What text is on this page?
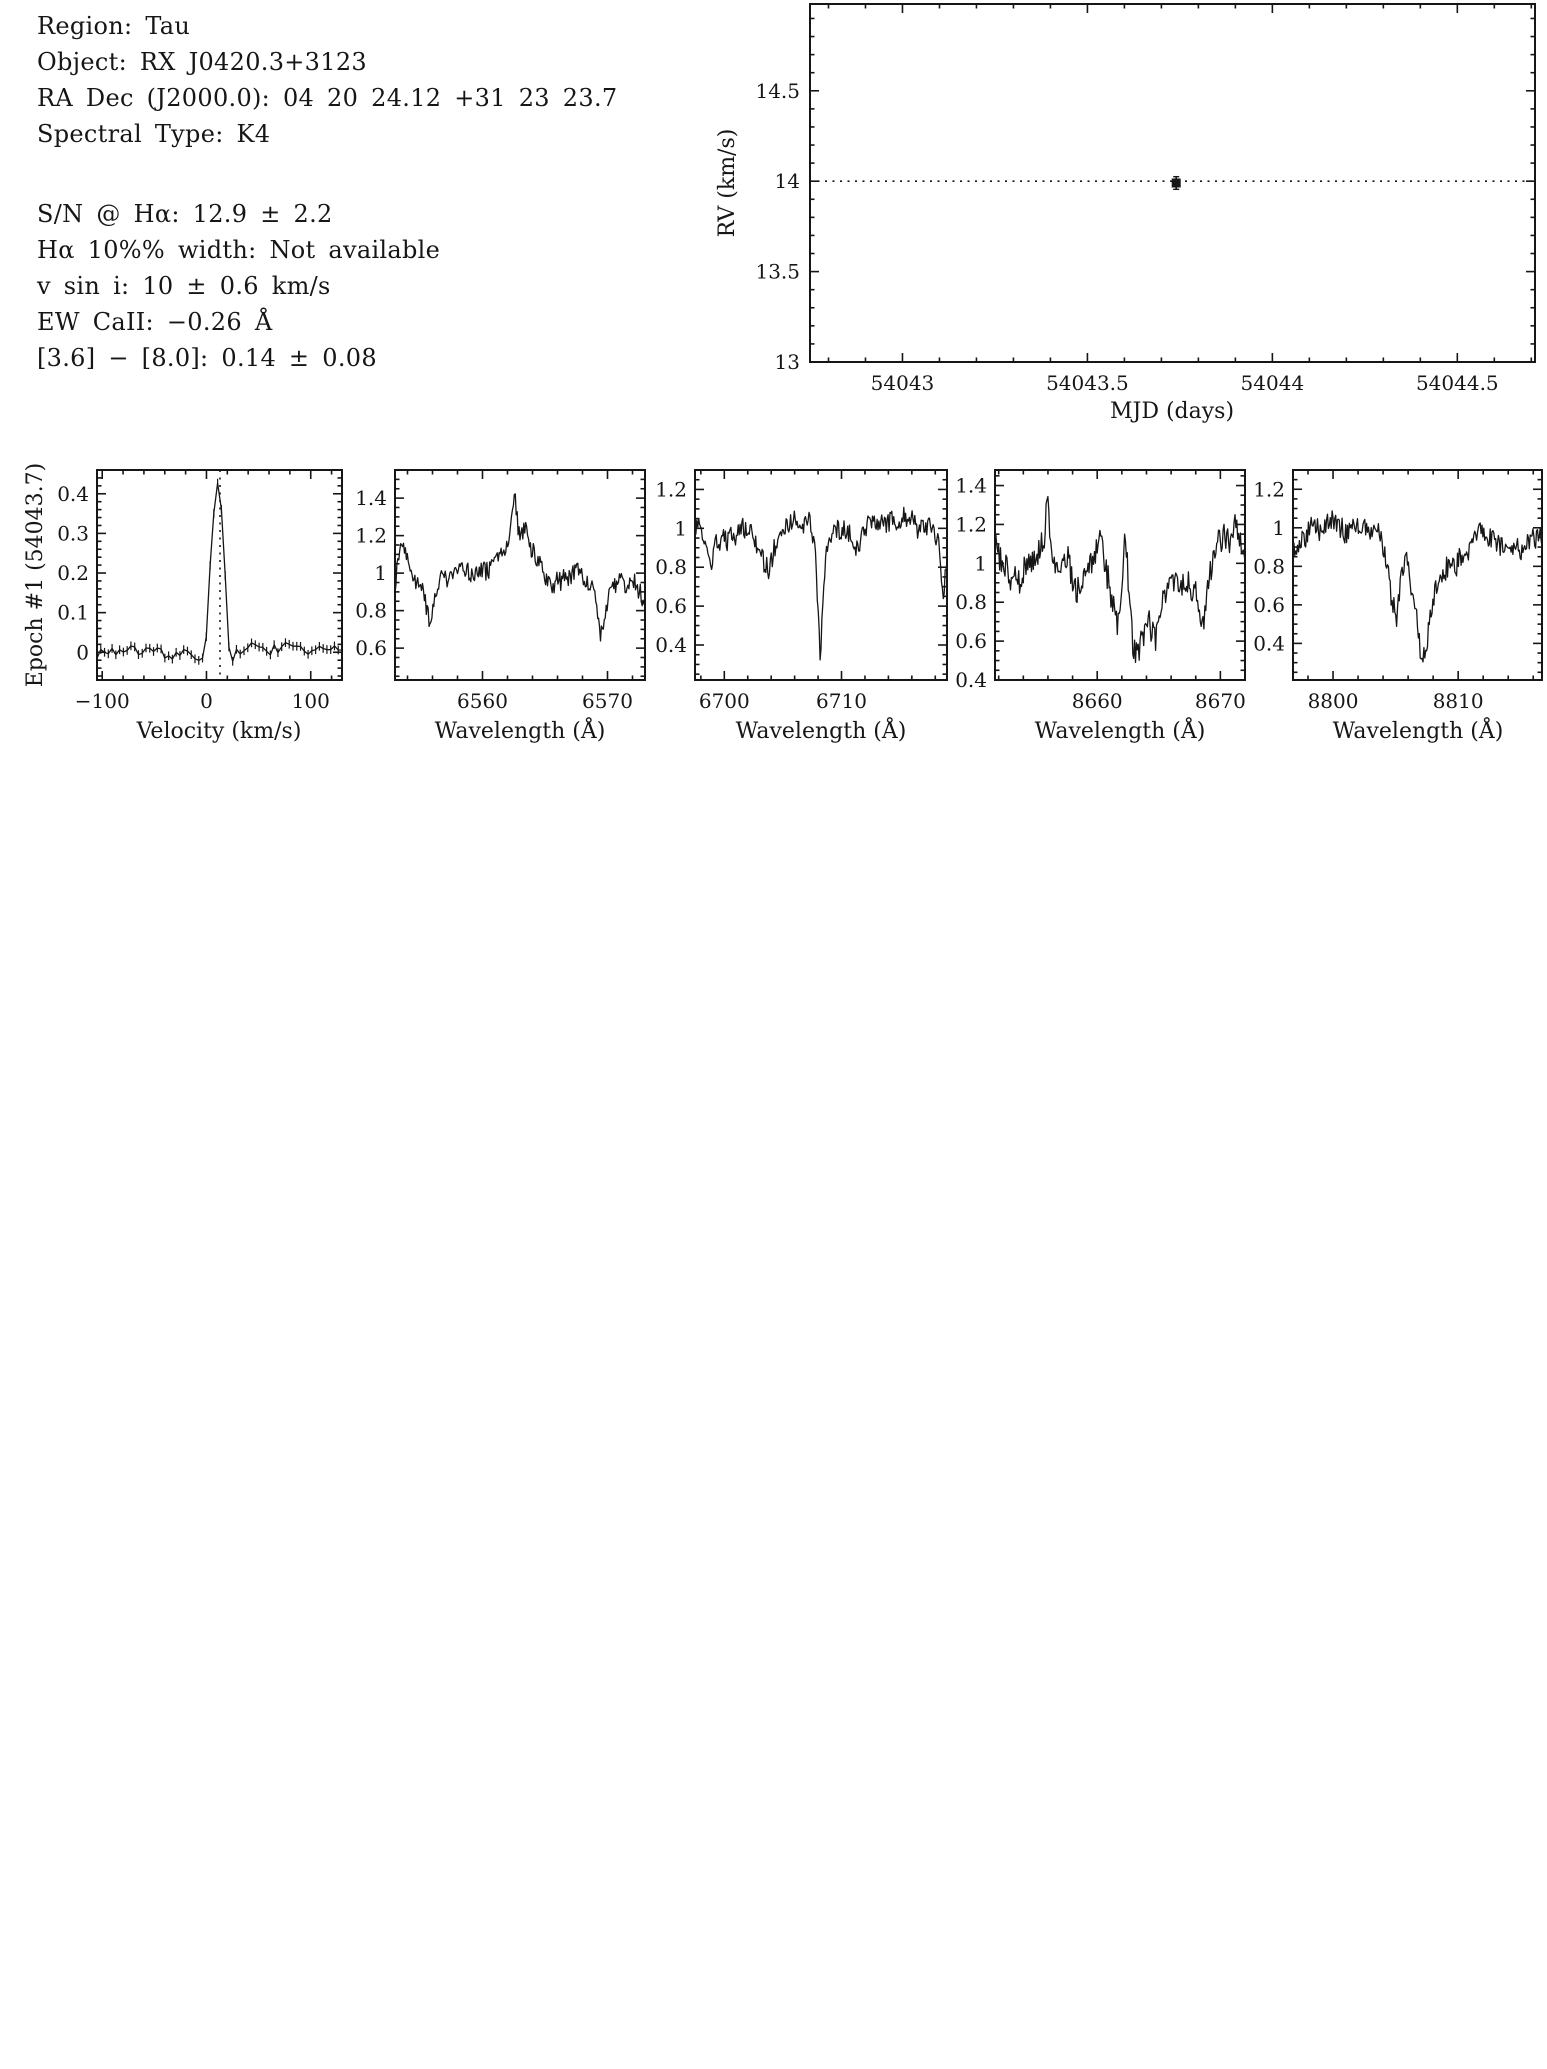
Region: Tau
Object: RX J0420.3+3123
RA Dec (J2000.0): 04 20 24.12 +31 23 23.7
Spectral Type: K4
S/N @ Hα: 12.9 ± 2.2
Hα 10%% width: Not available
v sin i: 10 ± 0.6 km/s
EW CaII: −0.26 Å
[3.6] − [8.0]: 0.14 ± 0.08
54043	54043.5	54044	54044.5
13
13.5
14
14.5
MJD (days)
RV (km/s)
−100	0	100
0
0.1
0.2
0.3
0.4
Velocity (km/s)
Epoch #1 (54043.7)
6560	6570
0.6
0.8
1
1.2
1.4
Wavelength (Å)
6700	6710
0.4
0.6
0.8
1
1.2
Wavelength (Å)
8660	8670
0.4
0.6
0.8
1
1.2
1.4
Wavelength (Å)
8800	8810
0.4
0.6
0.8
1
1.2
Wavelength (Å)
